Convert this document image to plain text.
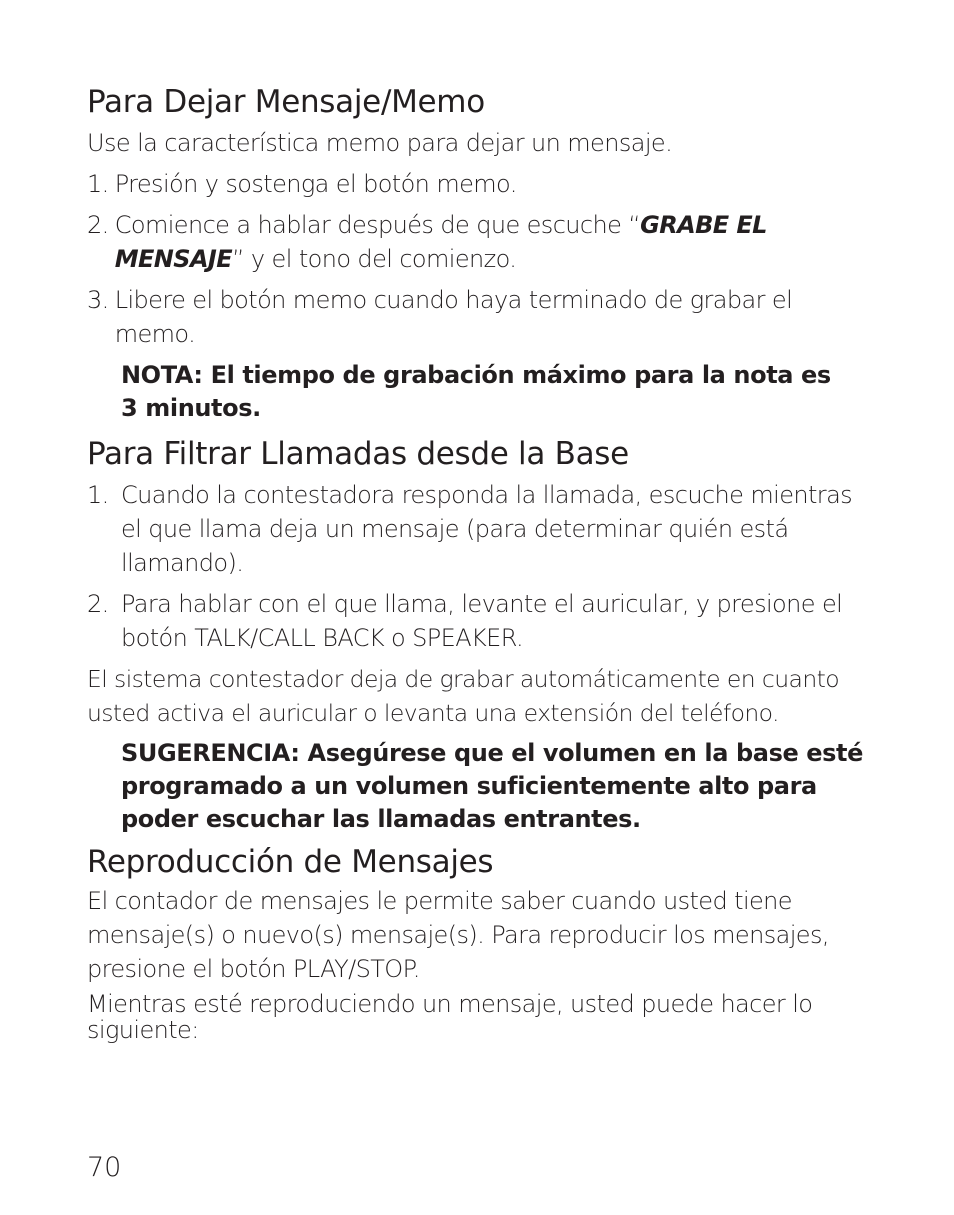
Para Dejar Mensaje/Memo

Use la característica memo para dejar un mensaje.

1. Presión y sostenga el botón memo.
2. Comience a hablar después de que escuche “GRABE EL MENSAJE” y el tono del comienzo.
3. Libere el botón memo cuando haya terminado de grabar el memo.

NOTA: El tiempo de grabación máximo para la nota es 3 minutos.

Para Filtrar Llamadas desde la Base
1. Cuando la contestadora responda la llamada, escuche mientras el que llama deja un mensaje (para determinar quién está llamando).
2. Para hablar con el que llama, levante el auricular, y presione el botón TALK/CALL BACK o SPEAKER.

El sistema contestador deja de grabar automáticamente en cuanto usted activa el auricular o levanta una extensión del teléfono.

SUGERENCIA: Asegúrese que el volumen en la base esté programado a un volumen suficientemente alto para poder escuchar las llamadas entrantes.

Reproducción de Mensajes

El contador de mensajes le permite saber cuando usted tiene mensaje(s) o nuevo(s) mensaje(s). Para reproducir los mensajes, presione el botón PLAY/STOP.

Mientras esté reproduciendo un mensaje, usted puede hacer lo siguiente:

70
